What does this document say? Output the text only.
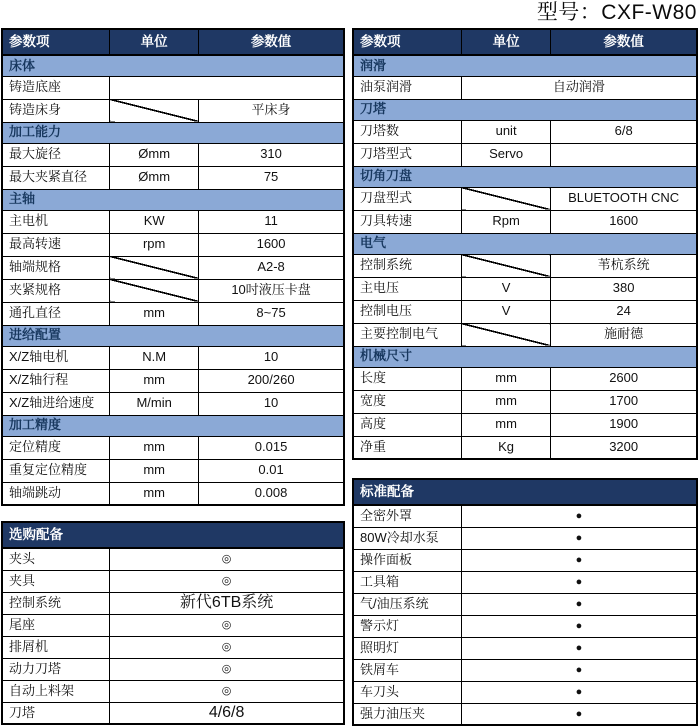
型号：CXF-W80
参数项	单位	参数值
床体		
铸造底座		
铸造床身		平床身
加工能力		
最大旋径	Ømm	310
最大夹紧直径	Ømm	75
主轴		
主电机	KW	11
最高转速	rpm	1600
轴端规格		A2-8
夹紧规格		10吋液压卡盘
通孔直径	mm	8~75
进给配置		
X/Z轴电机	N.M	10
X/Z轴行程	mm	200/260
X/Z轴进给速度	M/min	10
加工精度		
定位精度	mm	0.015
重复定位精度	mm	0.01
轴端跳动	mm	0.008
选购配备	
夹头	◎
夹具	◎
控制系统	新代6TB系统
尾座	◎
排屑机	◎
动力刀塔	◎
自动上料架	◎
刀塔	4/6/8
参数项	单位	参数值
润滑		
油泵润滑	自动润滑	
刀塔		
刀塔数	unit	6/8
刀塔型式	Servo	
切角刀盘		
刀盘型式		BLUETOOTH CNC
刀具转速	Rpm	1600
电气		
控制系统		苇杭系统
主电压	V	380
控制电压	V	24
主要控制电气		施耐德
机械尺寸		
长度	mm	2600
宽度	mm	1700
高度	mm	1900
净重	Kg	3200
标准配备	
全密外罩	●
80W冷却水泵	●
操作面板	●
工具箱	●
气/油压系统	●
警示灯	●
照明灯	●
铁屑车	●
车刀头	●
强力油压夹	●
